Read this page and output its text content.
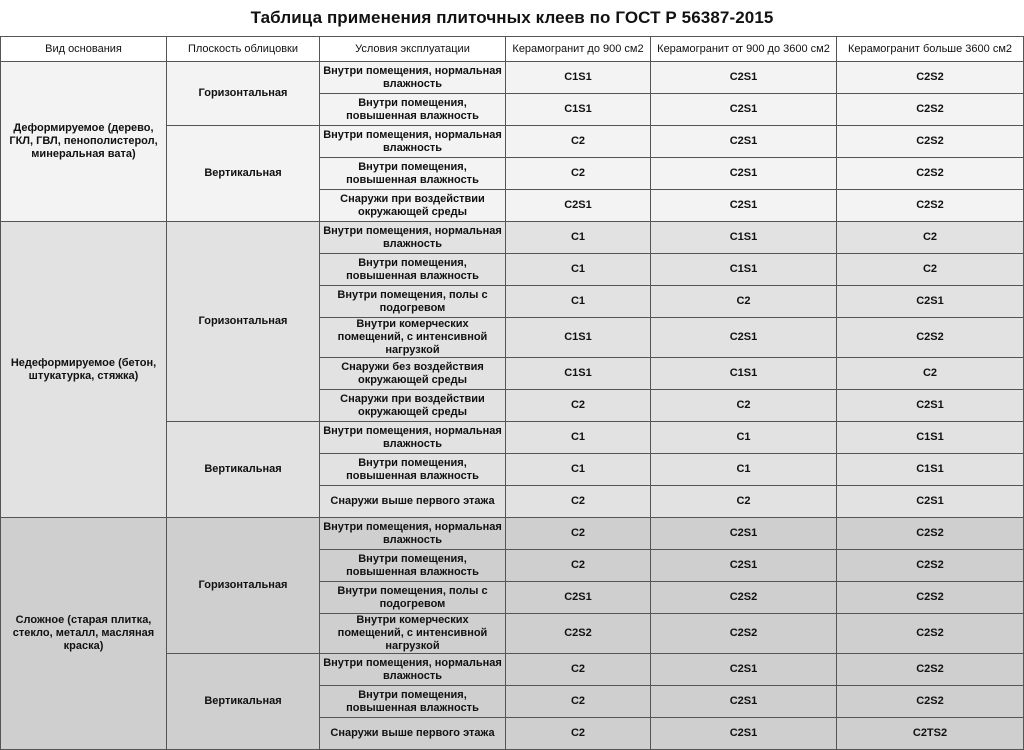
Таблица применения плиточных клеев по ГОСТ Р 56387-2015
Вид основания	Плоскость облицовки	Условия эксплуатации	Керамогранит до 900 см2	Керамогранит от 900 до 3600 см2	Керамогранит больше 3600 см2
Деформируемое (дерево, ГКЛ, ГВЛ, пенополистерол, минеральная вата)	Горизонтальная	Внутри помещения, нормальная влажность	C1S1	C2S1	C2S2
		Внутри помещения, повышенная влажность	C1S1	C2S1	C2S2
	Вертикальная	Внутри помещения, нормальная влажность	C2	C2S1	C2S2
		Внутри помещения, повышенная влажность	C2	C2S1	C2S2
		Снаружи при воздействии окружающей среды	C2S1	C2S1	C2S2
Недеформируемое (бетон, штукатурка, стяжка)	Горизонтальная	Внутри помещения, нормальная влажность	C1	C1S1	C2
		Внутри помещения, повышенная влажность	C1	C1S1	C2
		Внутри помещения, полы с подогревом	C1	C2	C2S1
		Внутри комерческих помещений, с интенсивной нагрузкой	C1S1	C2S1	C2S2
		Снаружи без воздействия окружающей среды	C1S1	C1S1	C2
		Снаружи при воздействии окружающей среды	C2	C2	C2S1
	Вертикальная	Внутри помещения, нормальная влажность	C1	C1	C1S1
		Внутри помещения, повышенная влажность	C1	C1	C1S1
		Снаружи выше первого этажа	C2	C2	C2S1
Сложное (старая плитка, стекло, металл, масляная краска)	Горизонтальная	Внутри помещения, нормальная влажность	C2	C2S1	C2S2
		Внутри помещения, повышенная влажность	C2	C2S1	C2S2
		Внутри помещения, полы с подогревом	C2S1	C2S2	C2S2
		Внутри комерческих помещений, с интенсивной нагрузкой	C2S2	C2S2	C2S2
	Вертикальная	Внутри помещения, нормальная влажность	C2	C2S1	C2S2
		Внутри помещения, повышенная влажность	C2	C2S1	C2S2
		Снаружи выше первого этажа	C2	C2S1	C2TS2
